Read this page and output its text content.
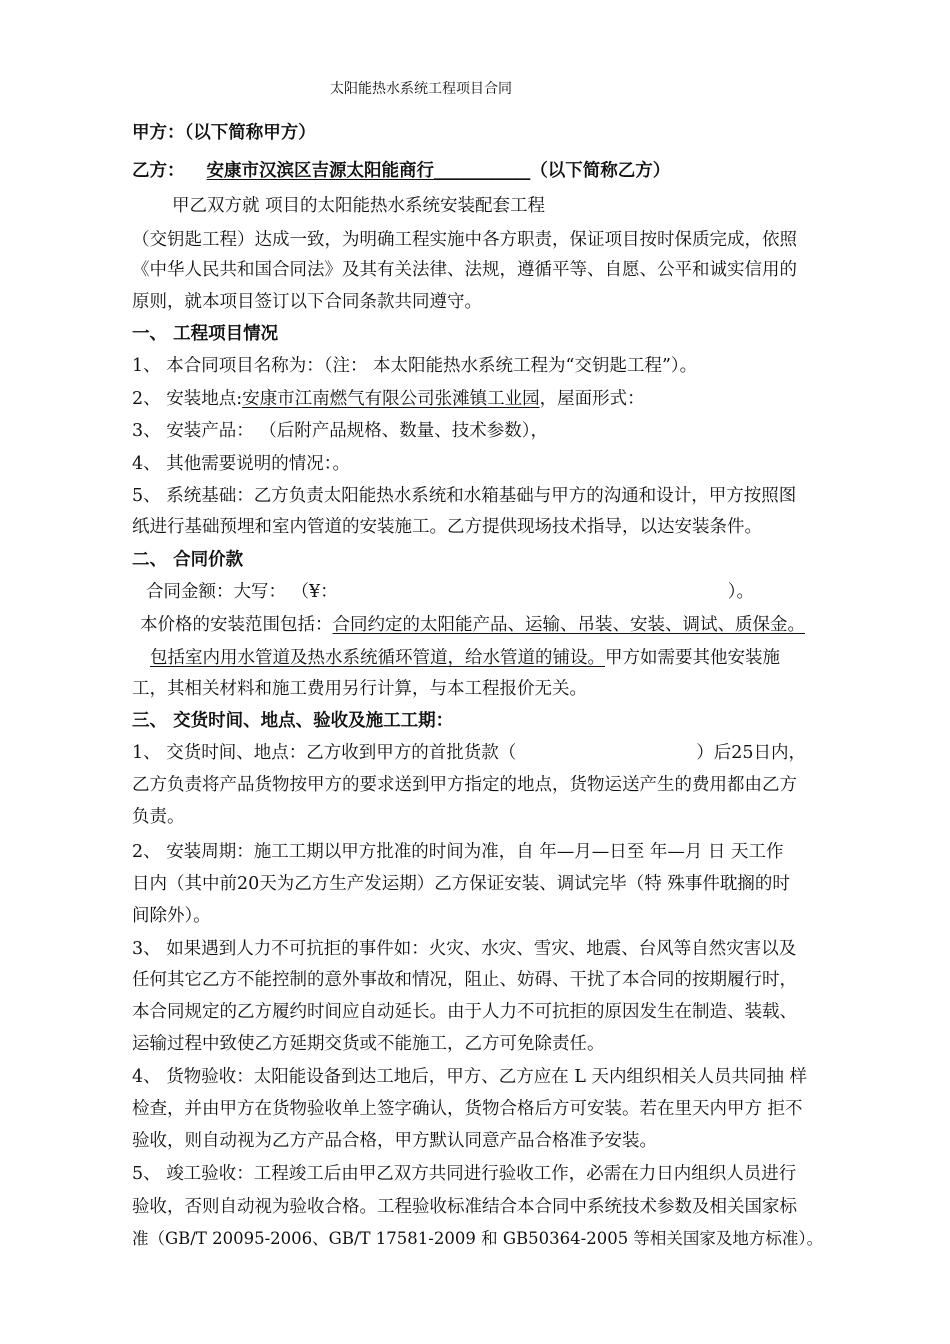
太阳能热水系统工程项目合同
甲方：（以下简称甲方）
乙方： 安康市汉滨区吉源太阳能商行___________（以下简称乙方）
甲乙双方就 项目的太阳能热水系统安装配套工程
（交钥匙工程）达成一致，为明确工程实施中各方职责，保证项目按时保质完成，依照
《中华人民共和国合同法》及其有关法律、法规，遵循平等、自愿、公平和诚实信用的
原则，就本项目签订以下合同条款共同遵守。
一、 工程项目情况
1、 本合同项目名称为：（注： 本太阳能热水系统工程为“交钥匙工程”）。
2、 安装地点:安康市江南燃气有限公司张滩镇工业园，屋面形式：
3、 安装产品： （后附产品规格、数量、技术参数），
4、 其他需要说明的情况：。
5、 系统基础：乙方负责太阳能热水系统和水箱基础与甲方的沟通和设计，甲方按照图
纸进行基础预埋和室内管道的安装施工。乙方提供现场技术指导，以达安装条件。
二、 合同价款
合同金额：大写： （¥：	）。
本价格的安装范围包括：合同约定的太阳能产品、运输、吊装、安装、调试、质保金。
包括室内用水管道及热水系统循环管道，给水管道的铺设。甲方如需要其他安装施
工，其相关材料和施工费用另行计算，与本工程报价无关。
三、 交货时间、地点、验收及施工工期：
1、 交货时间、地点：乙方收到甲方的首批货款（	）后25日内，
乙方负责将产品货物按甲方的要求送到甲方指定的地点，货物运送产生的费用都由乙方
负责。
2、 安装周期：施工工期以甲方批准的时间为准，自 年—月—日至 年—月 日 天工作
日内（其中前20天为乙方生产发运期）乙方保证安装、调试完毕（特 殊事件耽搁的时
间除外）。
3、 如果遇到人力不可抗拒的事件如：火灾、水灾、雪灾、地震、台风等自然灾害以及
任何其它乙方不能控制的意外事故和情况，阻止、妨碍、干扰了本合同的按期履行时，
本合同规定的乙方履约时间应自动延长。由于人力不可抗拒的原因发生在制造、装载、
运输过程中致使乙方延期交货或不能施工，乙方可免除责任。
4、 货物验收：太阳能设备到达工地后，甲方、乙方应在 L 天内组织相关人员共同抽 样
检查，并由甲方在货物验收单上签字确认，货物合格后方可安装。若在里天内甲方 拒不
验收，则自动视为乙方产品合格，甲方默认同意产品合格准予安装。
5、 竣工验收：工程竣工后由甲乙双方共同进行验收工作，必需在力日内组织人员进行
验收，否则自动视为验收合格。工程验收标准结合本合同中系统技术参数及相关国家标
准（GB/T 20095-2006、GB/T 17581-2009 和 GB50364-2005 等相关国家及地方标准）。
